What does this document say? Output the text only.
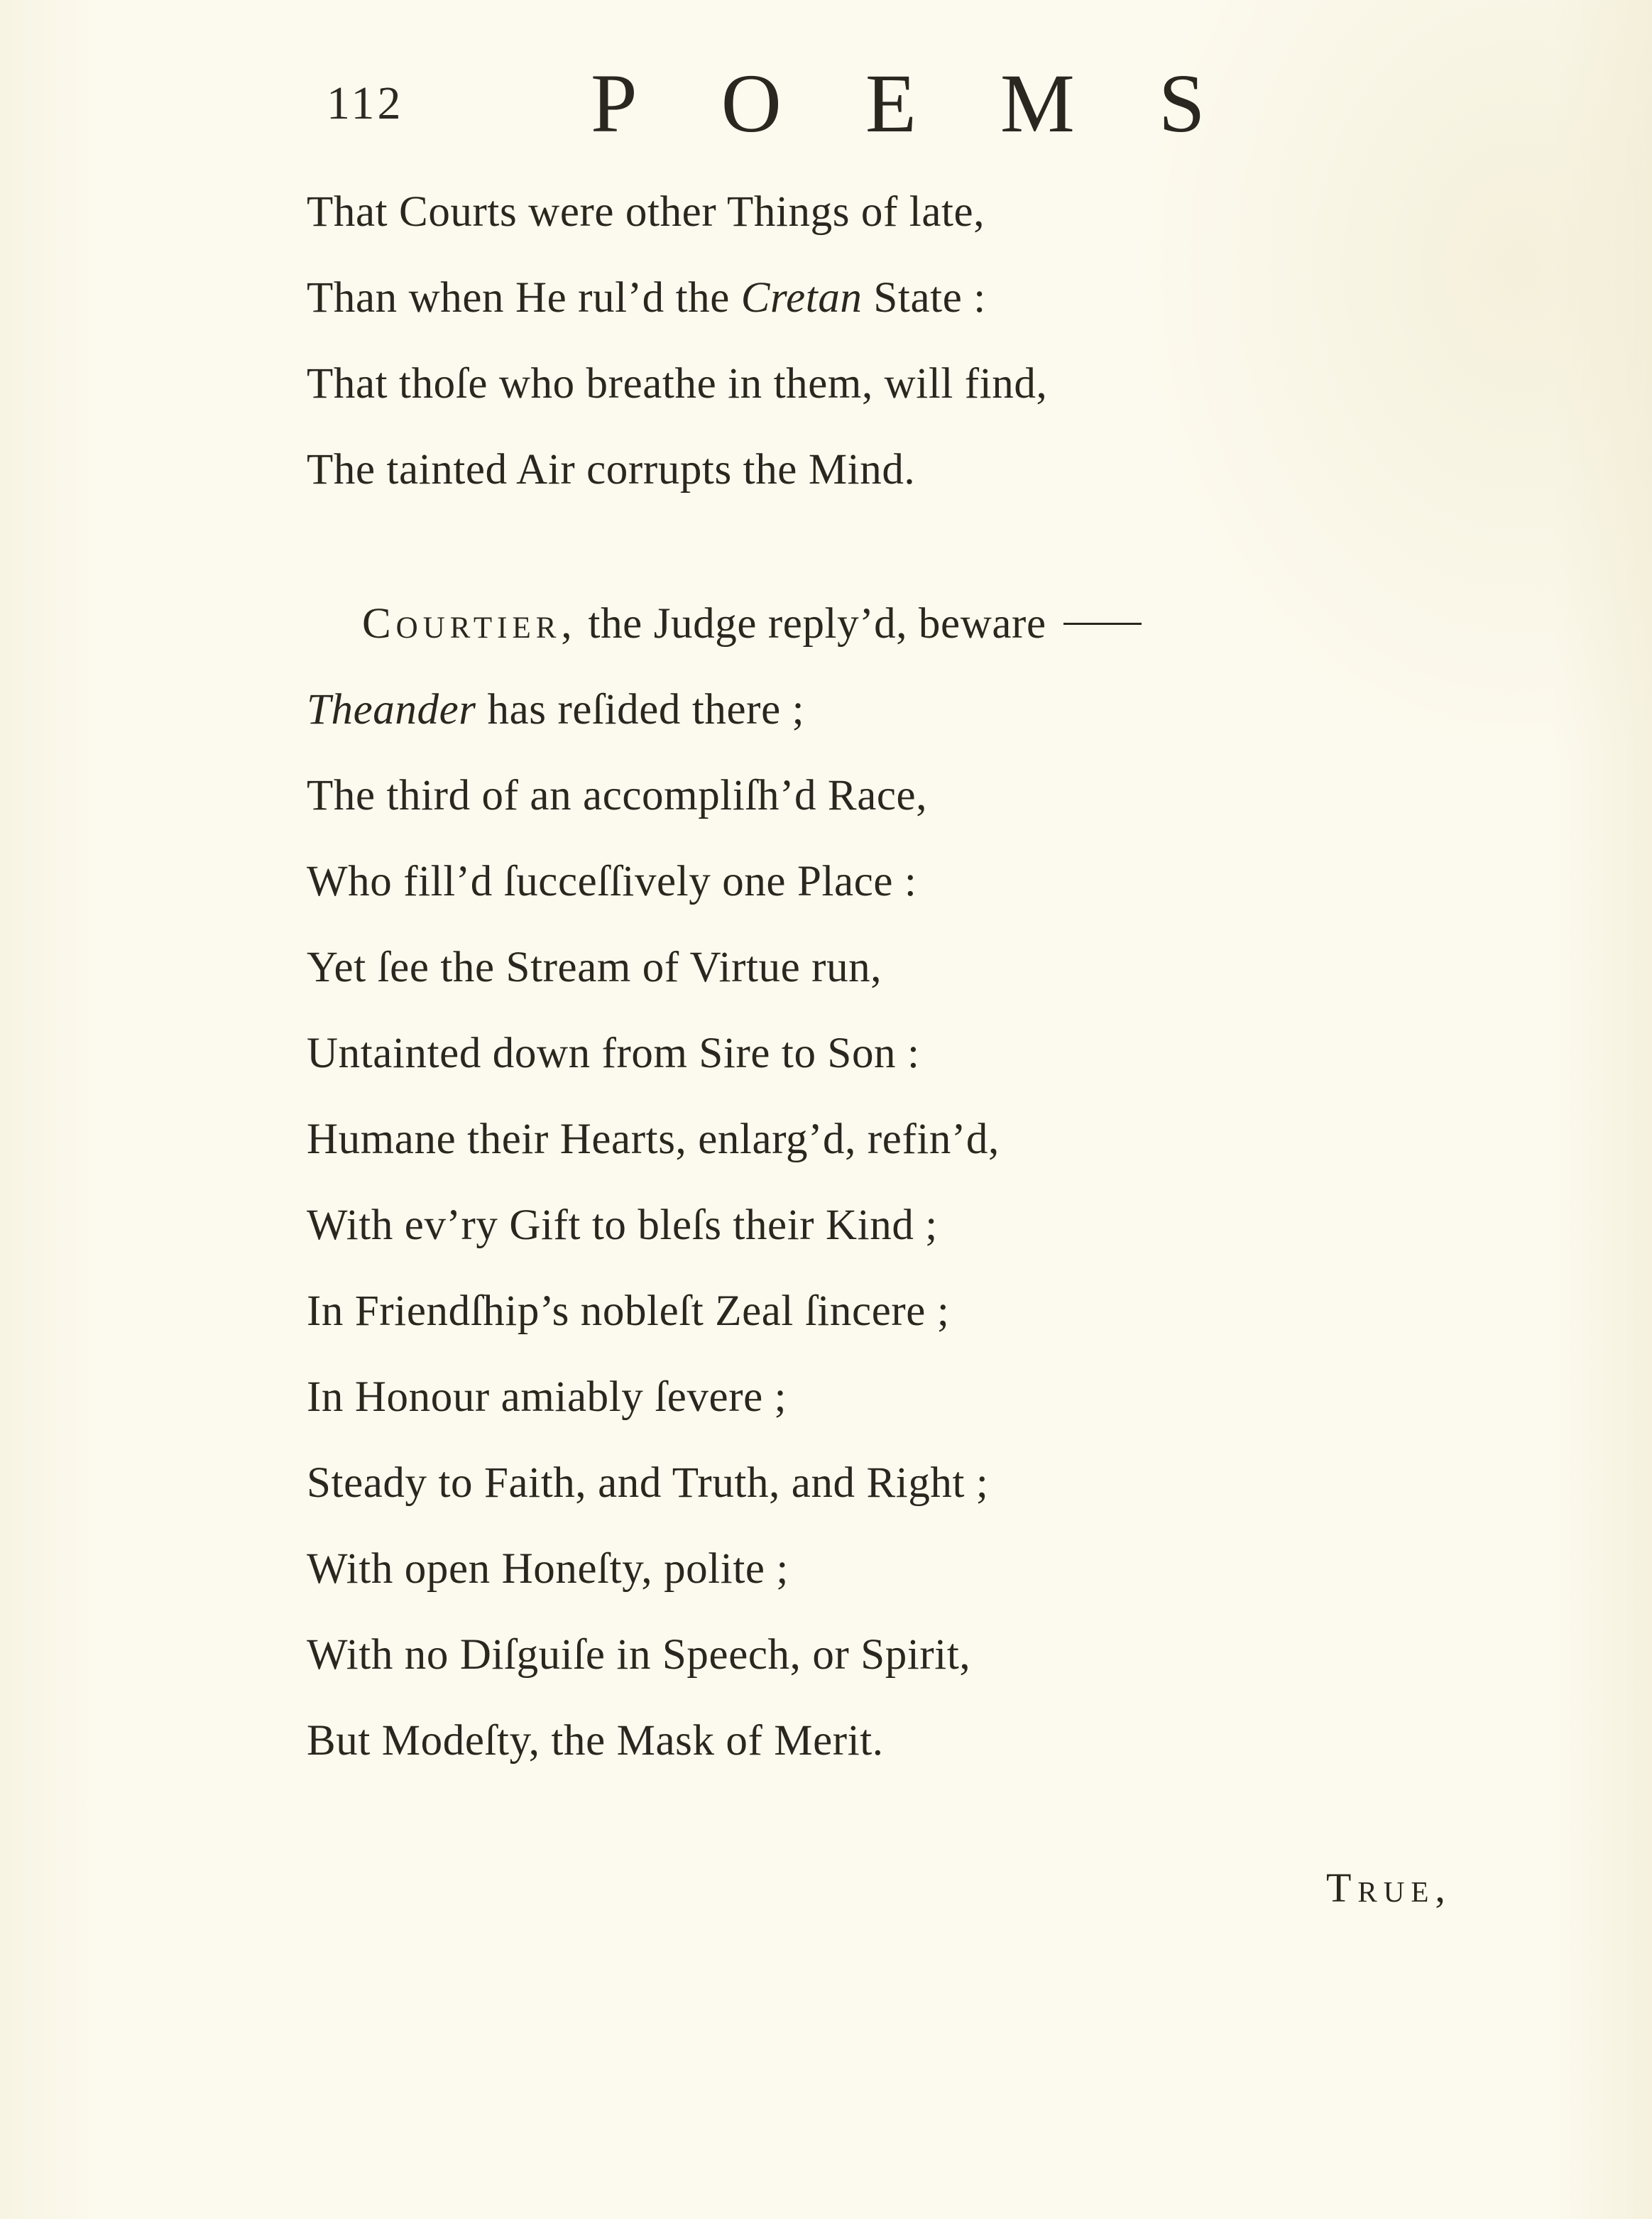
112 POEMS
That Courts were other Things of late,
Than when He rul’d the Cretan State :
That thoſe who breathe in them, will find,
The tainted Air corrupts the Mind.
Courtier, the Judge reply’d, beware
Theander has reſided there ;
The third of an accompliſh’d Race,
Who fill’d ſucceſſively one Place :
Yet ſee the Stream of Virtue run,
Untainted down from Sire to Son :
Humane their Hearts, enlarg’d, refin’d,
With ev’ry Gift to bleſs their Kind ;
In Friendſhip’s nobleſt Zeal ſincere ;
In Honour amiably ſevere ;
Steady to Faith, and Truth, and Right ;
With open Honeſty, polite ;
With no Diſguiſe in Speech, or Spirit,
But Modeſty, the Mask of Merit.
True,
